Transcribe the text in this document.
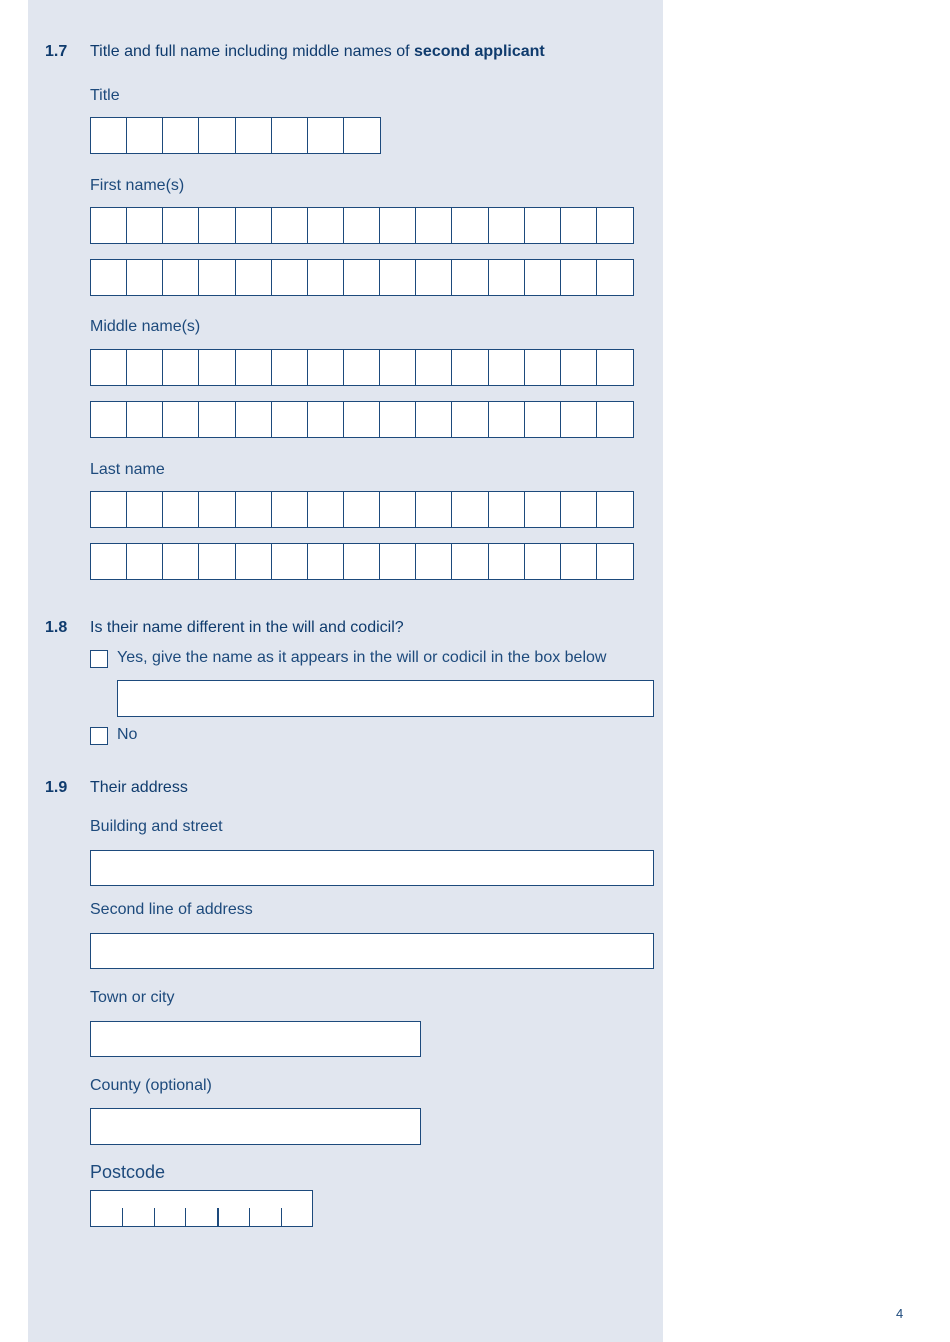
1.7 Title and full name including middle names of second applicant
Title
First name(s)
Middle name(s)
Last name
1.8 Is their name different in the will and codicil?
Yes, give the name as it appears in the will or codicil in the box below
No
1.9 Their address
Building and street
Second line of address
Town or city
County (optional)
Postcode
4
